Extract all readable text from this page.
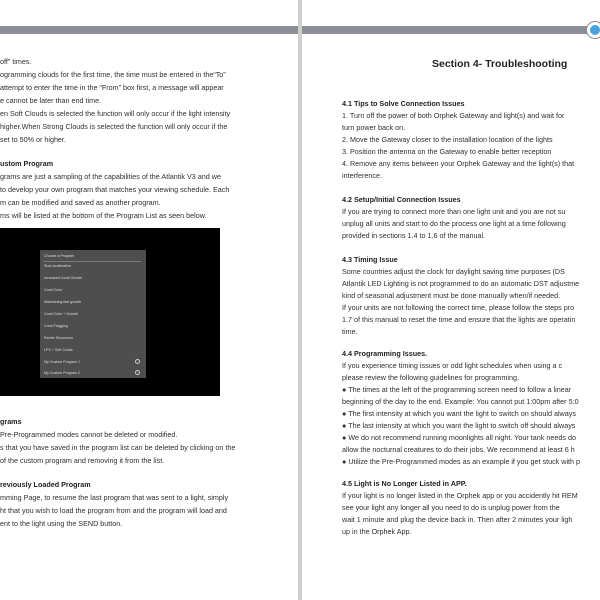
off” times.
ogramming clouds for the first time, the time must be entered in the“To”
attempt to enter the time in the “From” box first, a message will appear
e cannot be later than end time.
en Soft Clouds is selected the function will only occur if the light intensity
higher.When Strong Clouds is selected the function will only occur if the
set to 50% or higher.
ustom Program
grams are just a sampling of the capabilities of the Atlantik V3 and we
to develop your own program that matches your viewing schedule. Each
m can be modified and saved as another program.
ms will be listed at the bottom of the Program List as seen below.
Choose a Program
Slow Acclimation
Increased Coral Growth
Coral Color
Maintaining fast growth
Coral Color + Growth
Coral Fragging
Reefer Showroom
LPS + Soft Corals
My Custom Program 1
My Custom Program 2
grams
Pre-Programmed modes cannot be deleted or modified.
s that you have saved in the program list can be deleted by clicking on the
of the custom program and removing it from the list.
reviously Loaded Program
mming Page, to resume the last program that was sent to a light, simply
ht that you wish to load the program from and the program will load and
ent to the light using the SEND button.
Section 4- Troubleshooting
4.1 Tips to Solve Connection Issues
1. Turn off the power of both Orphek Gateway and light(s) and wait for
turn power back on.
2. Move the Gateway closer to the installation location of the lights
3. Position the antenna on the Gateway to enable better reception
4. Remove any items between your Orphek Gateway and the light(s) that
interference.
4.2 Setup/Initial Connection Issues
If you are trying to connect more than one light unit and you are not su
unplug all units and start to do the process one light at a time following
provided in sections 1.4 to 1.6 of the manual.
4.3 Timing Issue
Some countries adjust the clock for daylight saving time purposes (DS
Atlantik LED Lighting is not programmed to do an automatic DST adjustme
kind of seasonal adjustment must be done manually when/if needed.
If your units are not following the correct time, please follow the steps pro
1.7 of this manual to reset the time and ensure that the lights are operatin
time.
4.4 Programming Issues.
If you experience timing issues or odd light schedules when using a c
please review the following guidelines for programming.
● The times at the left of the programming screen need to follow a linear
beginning of the day to the end. Example: You cannot put 1:00pm after 5:0
● The first intensity at which you want the light to switch on should always
● The last intensity at which you want the light to switch off should always
● We do not recommend running moonlights all night. Your tank needs do
allow the nocturnal creatures to do their jobs. We recommend at least 6 h
● Utilize the Pre-Programmed modes as an example if you get stuck with p
4.5 Light is No Longer Listed in APP.
If your light is no longer listed in the Orphek app or you accidently hit REM
see your light any longer all you need to do is unplug power from the
wait 1 minute and plug the device back in. Then after 2 minutes your ligh
up in the Orphek App.
